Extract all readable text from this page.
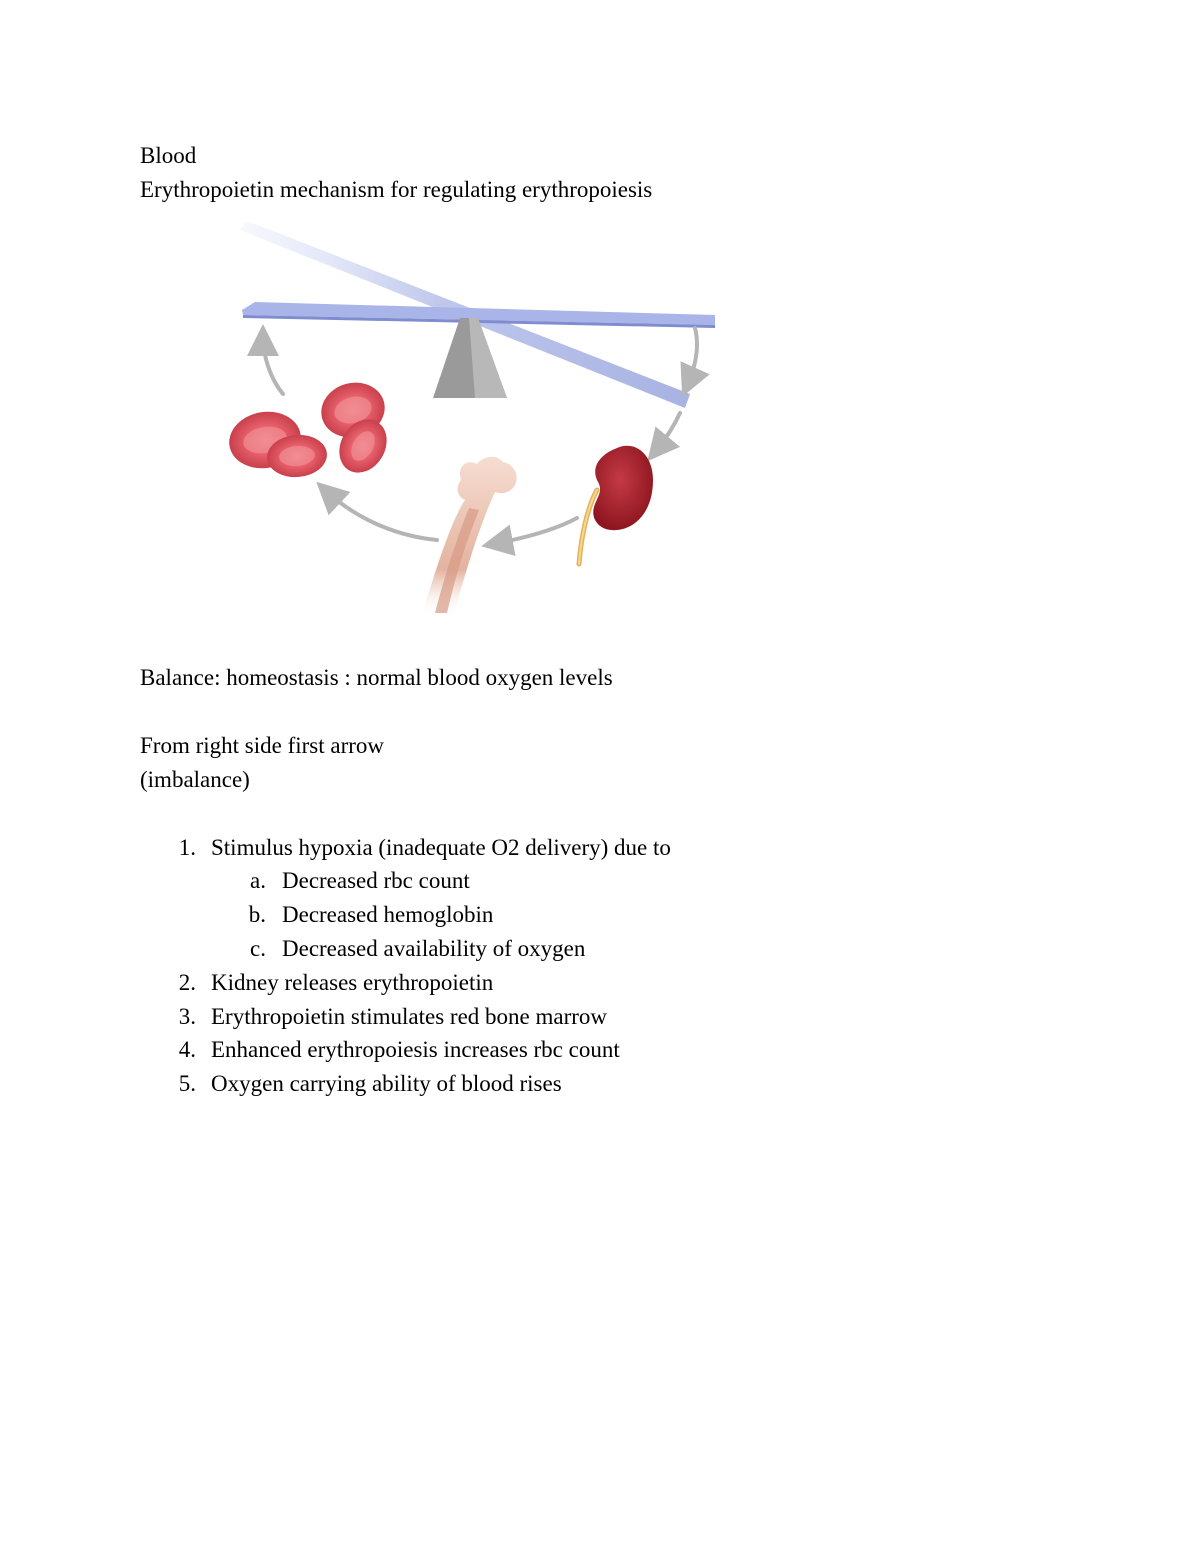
Blood
Erythropoietin mechanism for regulating erythropoiesis
Balance: homeostasis : normal blood oxygen levels
From right side first arrow
(imbalance)
1. Stimulus hypoxia (inadequate O2 delivery) due to
a. Decreased rbc count
b. Decreased hemoglobin
c. Decreased availability of oxygen
2. Kidney releases erythropoietin
3. Erythropoietin stimulates red bone marrow
4. Enhanced erythropoiesis increases rbc count
5. Oxygen carrying ability of blood rises
